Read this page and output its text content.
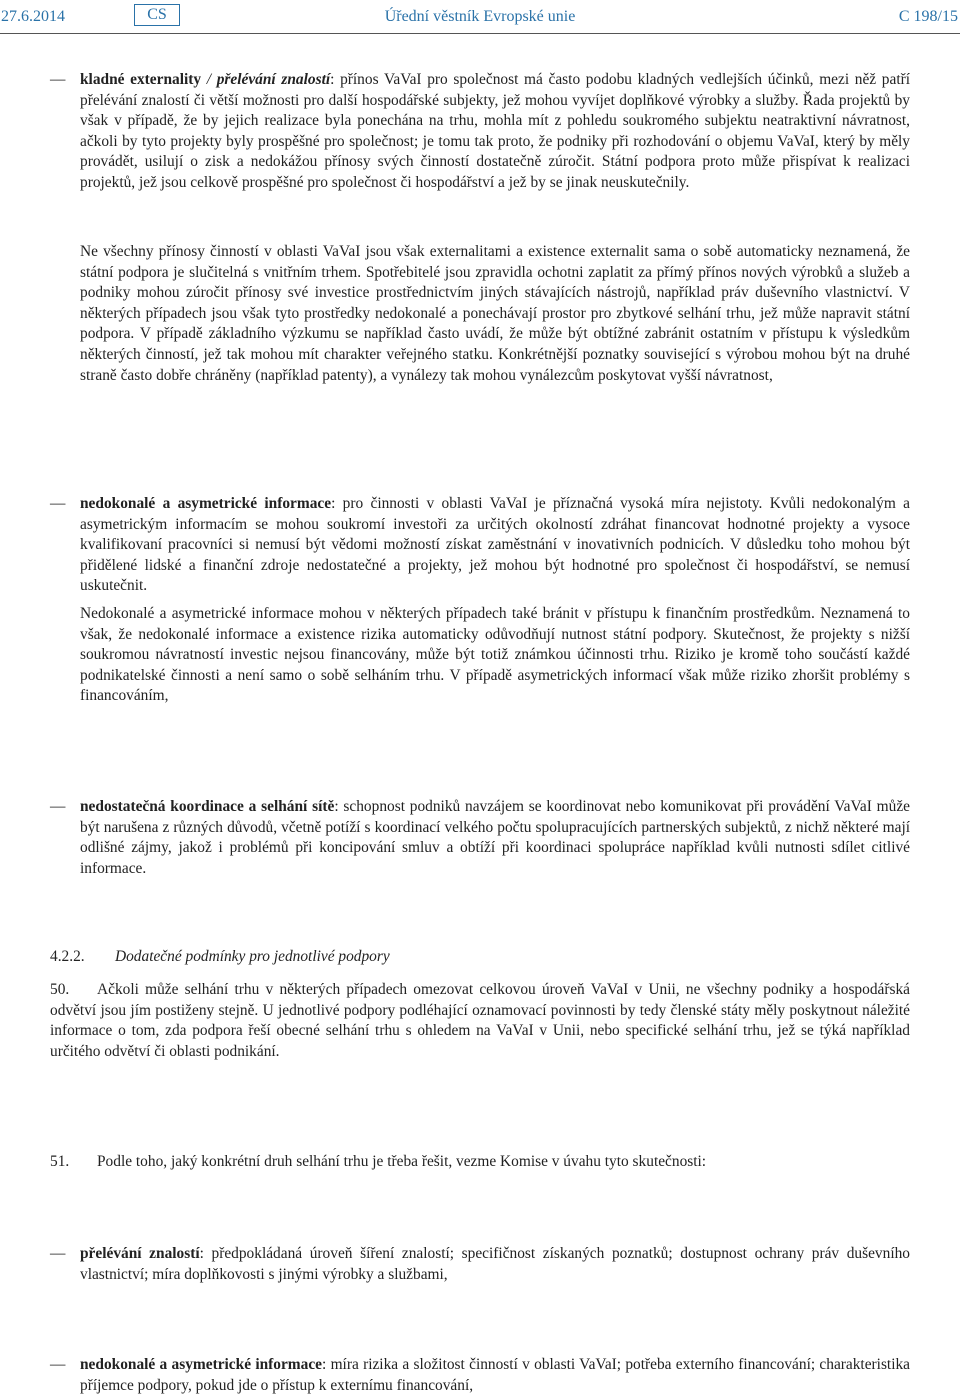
27.6.2014	CS	Úřední věstník Evropské unie	C 198/15
— kladné externality / přelévání znalostí: přínos VaVaI pro společnost má často podobu kladných vedlejších účinků, mezi něž patří přelévání znalostí či větší možnosti pro další hospodářské subjekty, jež mohou vyvíjet doplňkové výrobky a služby. Řada projektů by však v případě, že by jejich realizace byla ponechána na trhu, mohla mít z pohledu soukromého subjektu neatraktivní návratnost, ačkoli by tyto projekty byly prospěšné pro společnost; je tomu tak proto, že podniky při rozhodování o objemu VaVaI, který by měly provádět, usilují o zisk a nedokážou přínosy svých činností dostatečně zúročit. Státní podpora proto může přispívat k realizaci projektů, jež jsou celkově prospěšné pro společnost či hospodářství a jež by se jinak neuskutečnily.
Ne všechny přínosy činností v oblasti VaVaI jsou však externalitami a existence externalit sama o sobě automaticky neznamená, že státní podpora je slučitelná s vnitřním trhem. Spotřebitelé jsou zpravidla ochotni zaplatit za přímý přínos nových výrobků a služeb a podniky mohou zúročit přínosy své investice prostřednictvím jiných stávajících nástrojů, například práv duševního vlastnictví. V některých případech jsou však tyto prostředky nedokonalé a ponechávají prostor pro zbytkové selhání trhu, jež může napravit státní podpora. V případě základního výzkumu se například často uvádí, že může být obtížné zabránit ostatním v přístupu k výsledkům některých činností, jež tak mohou mít charakter veřejného statku. Konkrétnější poznatky související s výrobou mohou být na druhé straně často dobře chráněny (například patenty), a vynálezy tak mohou vynálezcům poskytovat vyšší návratnost,
— nedokonalé a asymetrické informace: pro činnosti v oblasti VaVaI je příznačná vysoká míra nejistoty. Kvůli nedokonalým a asymetrickým informacím se mohou soukromí investoři za určitých okolností zdráhat financovat hodnotné projekty a vysoce kvalifikovaní pracovníci si nemusí být vědomi možností získat zaměstnání v inovativních podnicích. V důsledku toho mohou být přidělené lidské a finanční zdroje nedostatečné a projekty, jež mohou být hodnotné pro společnost či hospodářství, se nemusí uskutečnit.
Nedokonalé a asymetrické informace mohou v některých případech také bránit v přístupu k finančním prostředkům. Neznamená to však, že nedokonalé informace a existence rizika automaticky odůvodňují nutnost státní podpory. Skutečnost, že projekty s nižší soukromou návratností investic nejsou financovány, může být totiž známkou účinnosti trhu. Riziko je kromě toho součástí každé podnikatelské činnosti a není samo o sobě selháním trhu. V případě asymetrických informací však může riziko zhoršit problémy s financováním,
— nedostatečná koordinace a selhání sítě: schopnost podniků navzájem se koordinovat nebo komunikovat při provádění VaVaI může být narušena z různých důvodů, včetně potíží s koordinací velkého počtu spolupracujících partnerských subjektů, z nichž některé mají odlišné zájmy, jakož i problémů při koncipování smluv a obtíží při koordinaci spolupráce například kvůli nutnosti sdílet citlivé informace.
4.2.2. Dodatečné podmínky pro jednotlivé podpory
50. Ačkoli může selhání trhu v některých případech omezovat celkovou úroveň VaVaI v Unii, ne všechny podniky a hospodářská odvětví jsou jím postiženy stejně. U jednotlivé podpory podléhající oznamovací povinnosti by tedy členské státy měly poskytnout náležité informace o tom, zda podpora řeší obecné selhání trhu s ohledem na VaVaI v Unii, nebo specifické selhání trhu, jež se týká například určitého odvětví či oblasti podnikání.
51. Podle toho, jaký konkrétní druh selhání trhu je třeba řešit, vezme Komise v úvahu tyto skutečnosti:
— přelévání znalostí: předpokládaná úroveň šíření znalostí; specifičnost získaných poznatků; dostupnost ochrany práv duševního vlastnictví; míra doplňkovosti s jinými výrobky a službami,
— nedokonalé a asymetrické informace: míra rizika a složitost činností v oblasti VaVaI; potřeba externího financování; charakteristika příjemce podpory, pokud jde o přístup k externímu financování,
